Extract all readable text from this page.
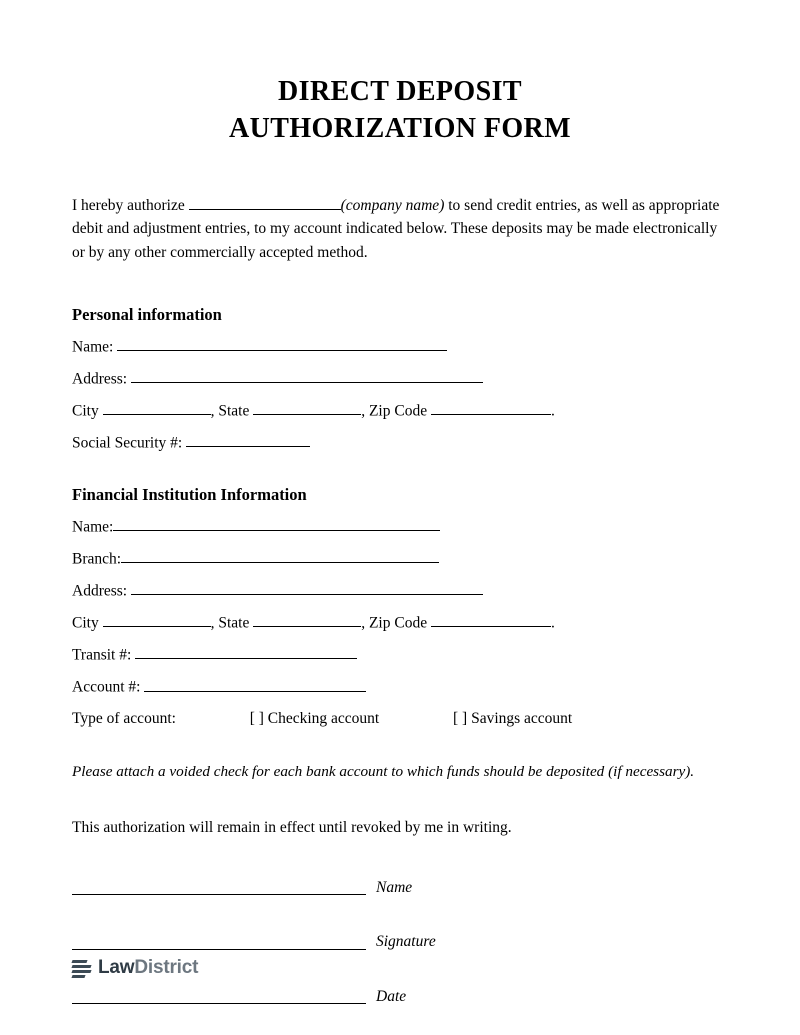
DIRECT DEPOSIT
AUTHORIZATION FORM

I hereby authorize	(company name) to send credit entries, as well as appropriate debit and adjustment entries, to my account indicated below. These deposits may be made electronically or by any other commercially accepted method.

Personal information
Name:
Address:
City	, State	, Zip Code	.
Social Security #:
Financial Institution Information
Name:
Branch:
Address:
City	, State	, Zip Code	.
Transit #:
Account #:
Type of account:	[ ] Checking account	[ ] Savings account

Please attach a voided check for each bank account to which funds should be deposited (if necessary).

This authorization will remain in effect until revoked by me in writing.

Name
Signature
Date
LawDistrict
